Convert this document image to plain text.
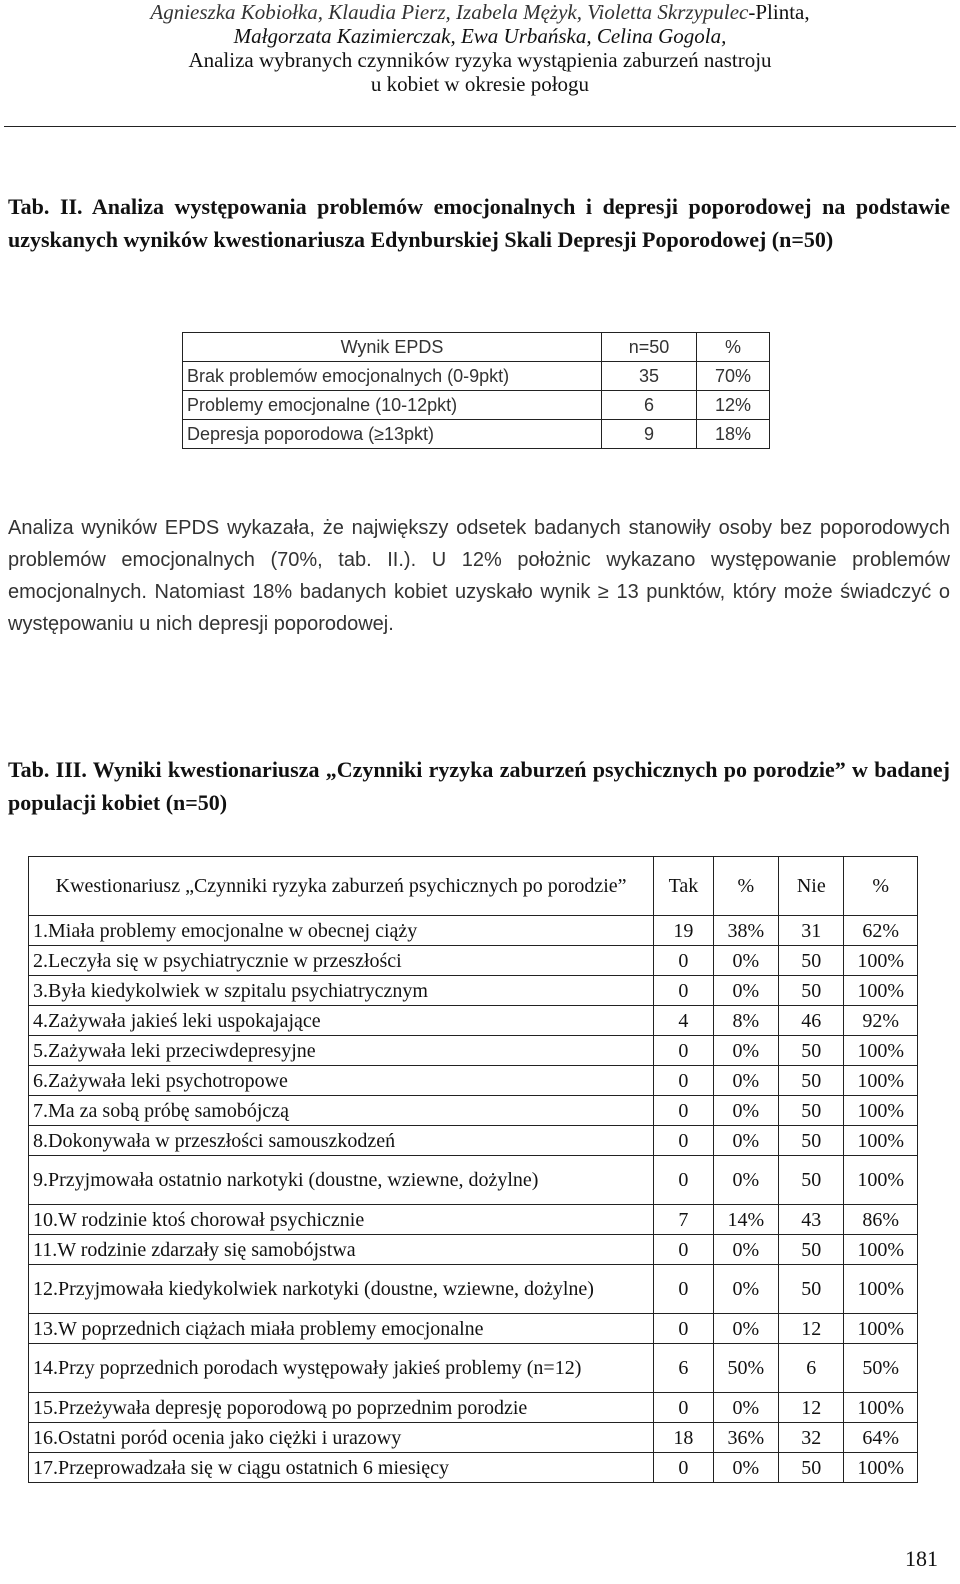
Agnieszka Kobiołka, Klaudia Pierz, Izabela Mężyk, Violetta Skrzypulec-Plinta,
Małgorzata Kazimierczak, Ewa Urbańska, Celina Gogola,
Analiza wybranych czynników ryzyka wystąpienia zaburzeń nastroju
u kobiet w okresie połogu
Tab. II. Analiza występowania problemów emocjonalnych i depresji poporodowej na podstawie uzyskanych wyników kwestionariusza Edynburskiej Skali Depresji Poporodowej (n=50)
Wynik EPDS	n=50	%
Brak problemów emocjonalnych (0-9pkt)	35	70%
Problemy emocjonalne (10-12pkt)	6	12%
Depresja poporodowa (≥13pkt)	9	18%
Analiza wyników EPDS wykazała, że największy odsetek badanych stanowiły osoby bez poporodowych problemów emocjonalnych (70%, tab. II.). U 12% położnic wykazano występowanie problemów emocjonalnych. Natomiast 18% badanych kobiet uzyskało wynik ≥ 13 punktów, który może świadczyć o występowaniu u nich depresji poporodowej.
Tab. III. Wyniki kwestionariusza „Czynniki ryzyka zaburzeń psychicznych po porodzie” w badanej populacji kobiet (n=50)
Kwestionariusz „Czynniki ryzyka zaburzeń psychicznych po porodzie”	Tak	%	Nie	%
1.Miała problemy emocjonalne w obecnej ciąży	19	38%	31	62%
2.Leczyła się w psychiatrycznie w przeszłości	0	0%	50	100%
3.Była kiedykolwiek w szpitalu psychiatrycznym	0	0%	50	100%
4.Zażywała jakieś leki uspokajające	4	8%	46	92%
5.Zażywała leki przeciwdepresyjne	0	0%	50	100%
6.Zażywała leki psychotropowe	0	0%	50	100%
7.Ma za sobą próbę samobójczą	0	0%	50	100%
8.Dokonywała w przeszłości samouszkodzeń	0	0%	50	100%
9.Przyjmowała ostatnio narkotyki (doustne, wziewne, dożylne)	0	0%	50	100%
10.W rodzinie ktoś chorował psychicznie	7	14%	43	86%
11.W rodzinie zdarzały się samobójstwa	0	0%	50	100%
12.Przyjmowała kiedykolwiek narkotyki (doustne, wziewne, dożylne)	0	0%	50	100%
13.W poprzednich ciążach miała problemy emocjonalne	0	0%	12	100%
14.Przy poprzednich porodach występowały jakieś problemy (n=12)	6	50%	6	50%
15.Przeżywała depresję poporodową po poprzednim porodzie	0	0%	12	100%
16.Ostatni poród ocenia jako ciężki i urazowy	18	36%	32	64%
17.Przeprowadzała się w ciągu ostatnich 6 miesięcy	0	0%	50	100%
181
